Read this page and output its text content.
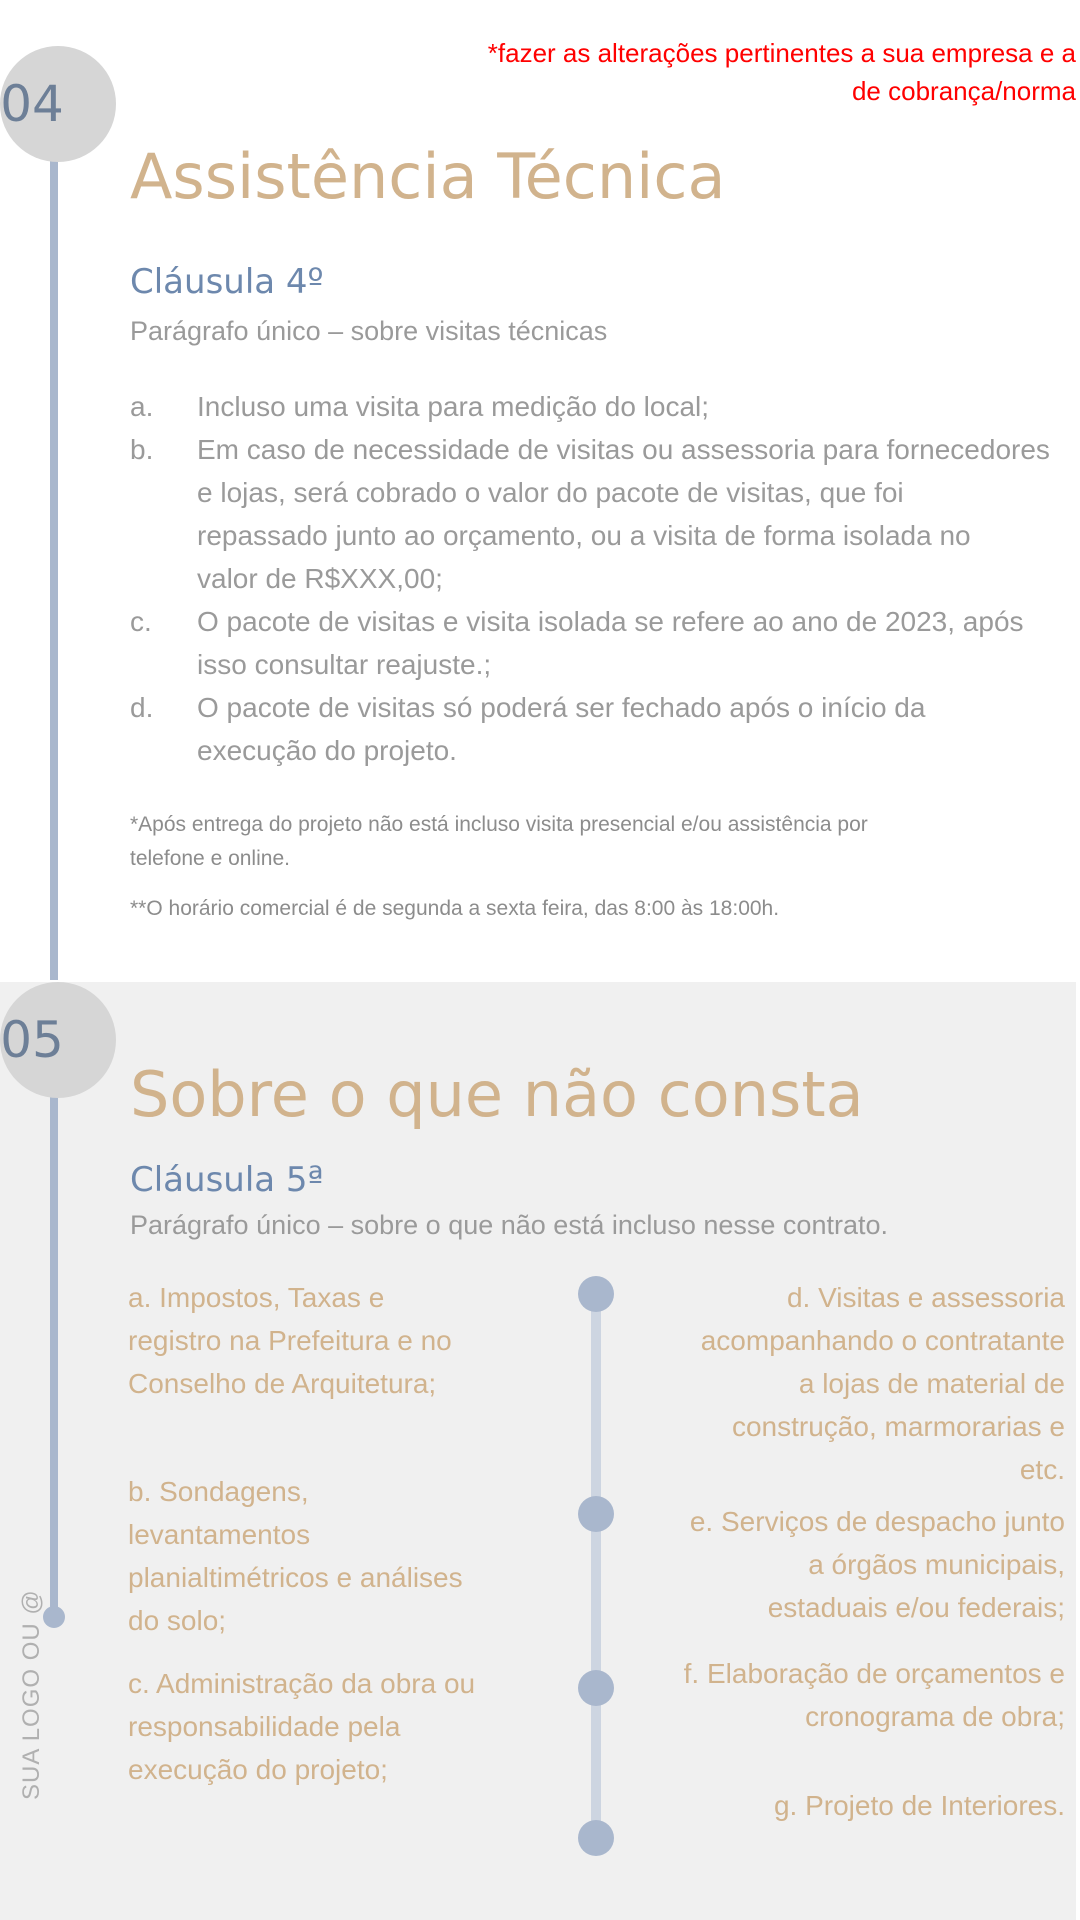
*fazer as alterações pertinentes a sua empresa e a
de cobrança/norma
04
Assistência Técnica
Cláusula 4º
Parágrafo único – sobre visitas técnicas
a.	Incluso uma visita para medição do local;
b.	Em caso de necessidade de visitas ou assessoria para fornecedores
e lojas, será cobrado o valor do pacote de visitas, que foi
repassado junto ao orçamento, ou a visita de forma isolada no
valor de R$XXX,00;
c.	O pacote de visitas e visita isolada se refere ao ano de 2023, após
isso consultar reajuste.;
d.	O pacote de visitas só poderá ser fechado após o início da
execução do projeto.
*Após entrega do projeto não está incluso visita presencial e/ou assistência por
telefone e online.
**O horário comercial é de segunda a sexta feira, das 8:00 às 18:00h.
05
Sobre o que não consta
Cláusula 5ª
Parágrafo único – sobre o que não está incluso nesse contrato.
a. Impostos, Taxas e
registro na Prefeitura e no
Conselho de Arquitetura;
b. Sondagens,
levantamentos
planialtimétricos e análises
do solo;
c. Administração da obra ou
responsabilidade pela
execução do projeto;
d. Visitas e assessoria
acompanhando o contratante
a lojas de material de
construção, marmorarias e
etc.
e. Serviços de despacho junto
a órgãos municipais,
estaduais e/ou federais;
f. Elaboração de orçamentos e
cronograma de obra;
g. Projeto de Interiores.
SUA LOGO OU @
